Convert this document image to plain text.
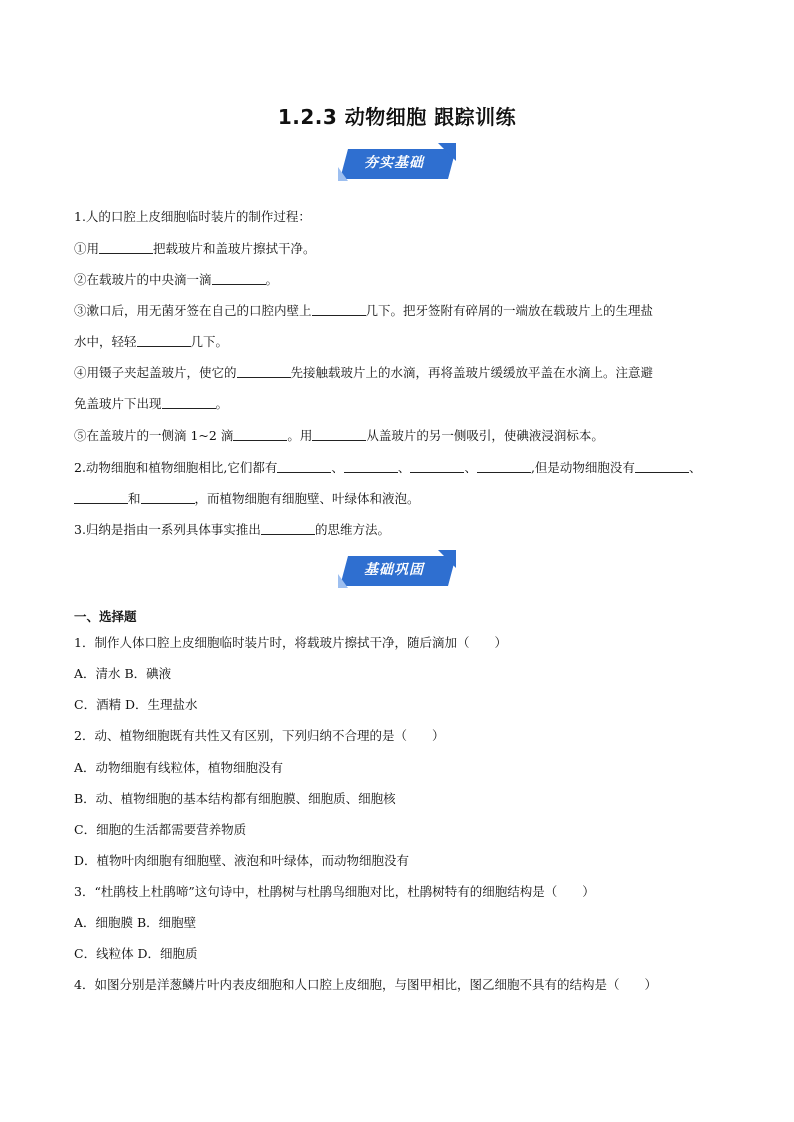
1.2.3 动物细胞 跟踪训练
夯实基础
1.人的口腔上皮细胞临时装片的制作过程：
①用	把载玻片和盖玻片擦拭干净。
②在载玻片的中央滴一滴	。
③漱口后，用无菌牙签在自己的口腔内壁上	几下。把牙签附有碎屑的一端放在载玻片上的生理盐
水中，轻轻	几下。
④用镊子夹起盖玻片，使它的	先接触载玻片上的水滴，再将盖玻片缓缓放平盖在水滴上。注意避
免盖玻片下出现	。
⑤在盖玻片的一侧滴 1~2 滴	。用	从盖玻片的另一侧吸引，使碘液浸润标本。
2.动物细胞和植物细胞相比,它们都有	、	、	、	,但是动物细胞没有	、
和	，而植物细胞有细胞壁、叶绿体和液泡。
3.归纳是指由一系列具体事实推出	的思维方法。
基础巩固
一、选择题
1．制作人体口腔上皮细胞临时装片时，将载玻片擦拭干净，随后滴加（　　）
A．清水 B．碘液
C．酒精 D．生理盐水
2．动、植物细胞既有共性又有区别，下列归纳不合理的是（　　）
A．动物细胞有线粒体，植物细胞没有
B．动、植物细胞的基本结构都有细胞膜、细胞质、细胞核
C．细胞的生活都需要营养物质
D．植物叶肉细胞有细胞壁、液泡和叶绿体，而动物细胞没有
3．“杜鹃枝上杜鹃啼”这句诗中，杜鹃树与杜鹃鸟细胞对比，杜鹃树特有的细胞结构是（　　）
A．细胞膜 B．细胞壁
C．线粒体 D．细胞质
4．如图分别是洋葱鳞片叶内表皮细胞和人口腔上皮细胞，与图甲相比，图乙细胞不具有的结构是（　　）
